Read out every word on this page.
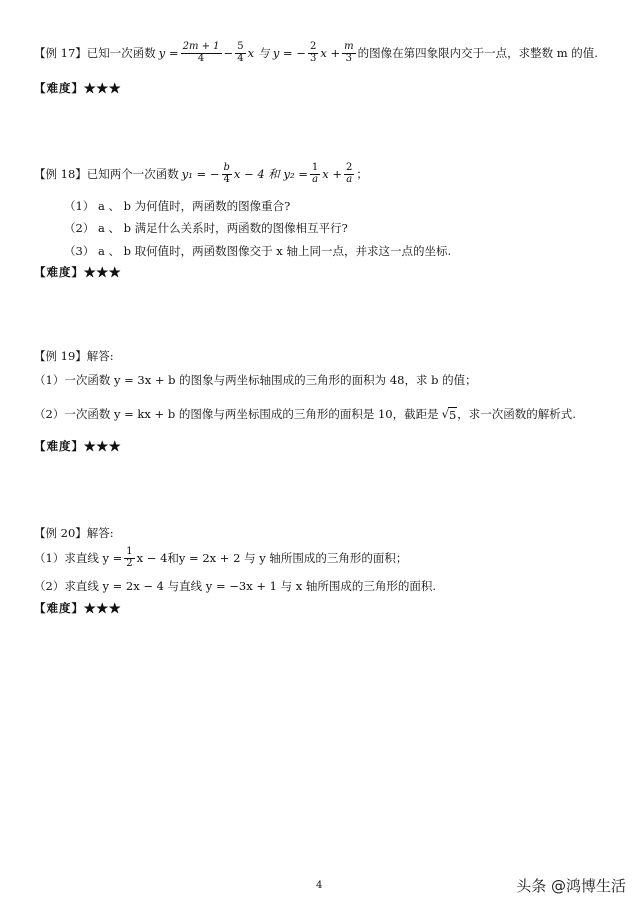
【例 17】已知一次函数 $y = \frac{2m + 1}{4} - \frac{5}{4}$ x 与 y = − $\frac{2}{3}$ $x + \frac{m}{3}$ 的图像在第四象限内交于一点，求整数 m 的值.
【难度】★★★
【例 18】已知两个一次函数 y₁ = − $\frac{b}{4}$ x − 4 和 $y_2 = \frac{1}{a}$ $x + \frac{2}{a}$ ；
（1） a 、 b 为何值时，两函数的图像重合?
（2） a 、 b 满足什么关系时，两函数的图像相互平行?
（3） a 、 b 取何值时，两函数图像交于 x 轴上同一点，并求这一点的坐标.
【难度】★★★
【例 19】解答:
（1）一次函数 y = 3x + b 的图象与两坐标轴围成的三角形的面积为 48，求 b 的值；
（2）一次函数 y = kx + b 的图像与两坐标围成的三角形的面积是 10，截距是 √ 5 ，求一次函数的解析式.
【难度】★★★
【例 20】解答:
（1）求直线 $y = \frac{1}{2}$ x − 4和y = 2x + 2 与 y 轴所围成的三角形的面积；
（2）求直线 y = 2x − 4 与直线 y = −3x + 1 与 x 轴所围成的三角形的面积.
【难度】★★★
4	头条 @鸿博生活
